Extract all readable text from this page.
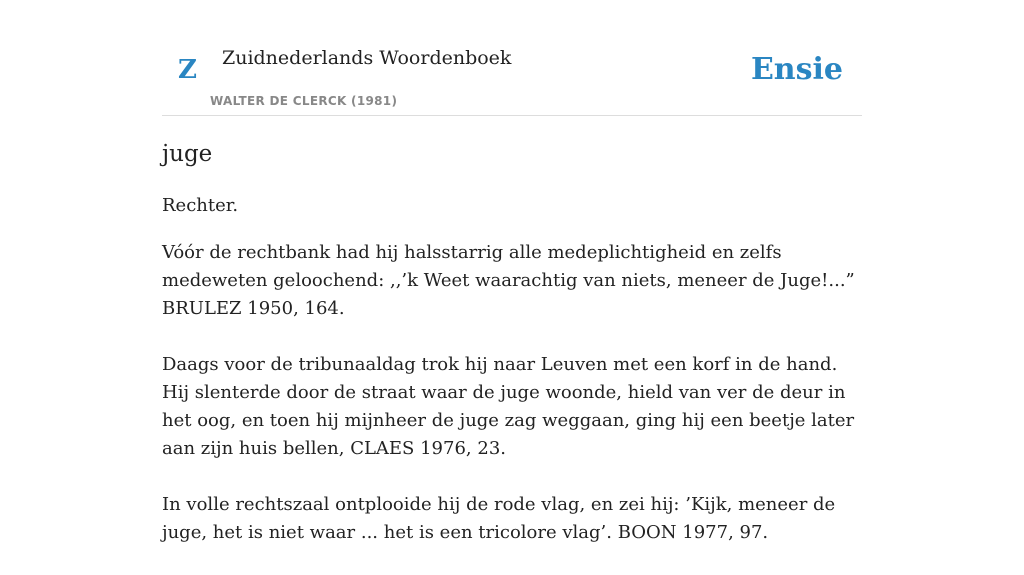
Z Zuidnederlands Woordenboek
WALTER DE CLERCK (1981)
Ensie
juge

Rechter.

Vóór de rechtbank had hij halsstarrig alle medeplichtigheid en zelfs medeweten geloochend: ,,’k Weet waarachtig van niets, meneer de Juge!...” BRULEZ 1950, 164.

Daags voor de tribunaaldag trok hij naar Leuven met een korf in de hand. Hij slenterde door de straat waar de juge woonde, hield van ver de deur in het oog, en toen hij mijnheer de juge zag weggaan, ging hij een beetje later aan zijn huis bellen, CLAES 1976, 23.

In volle rechtszaal ontplooide hij de rode vlag, en zei hij: ’Kijk, meneer de juge, het is niet waar ... het is een tricolore vlag’. BOON 1977, 97.
